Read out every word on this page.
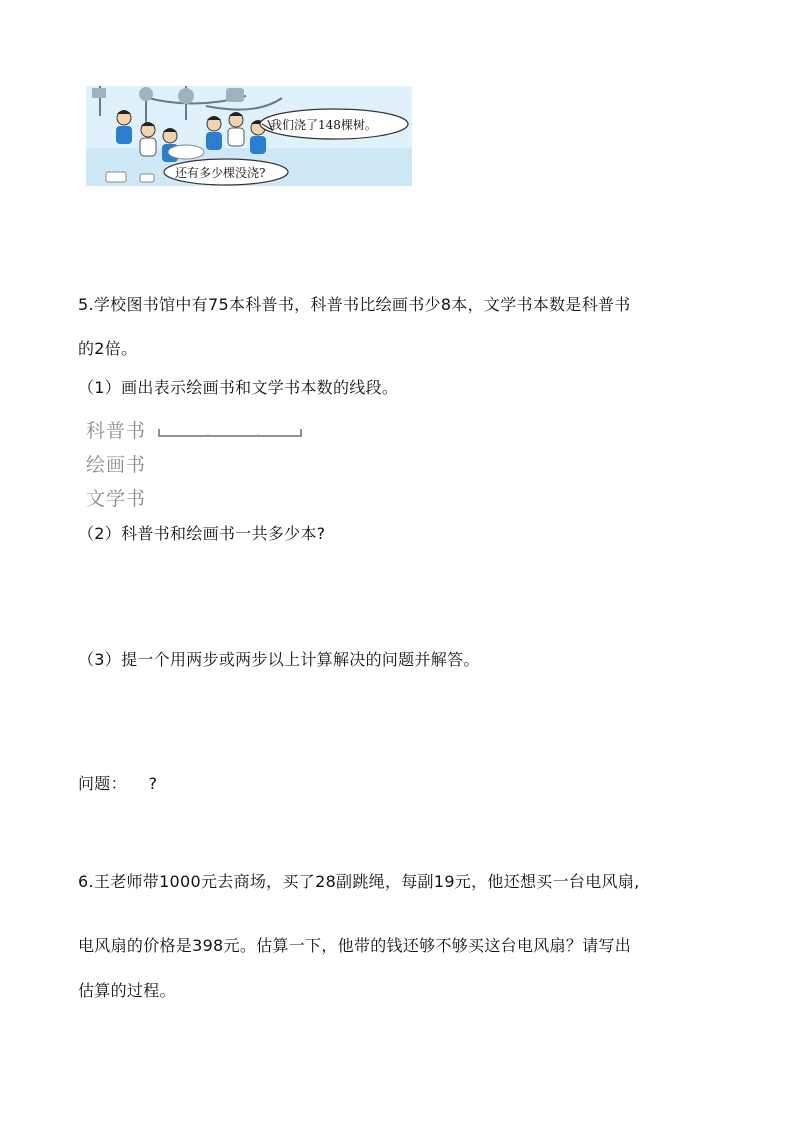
我们浇了148棵树。
还有多少棵没浇?
5.学校图书馆中有75本科普书，科普书比绘画书少8本，文学书本数是科普书
的2倍。
（1）画出表示绘画书和文学书本数的线段。
科普书
绘画书
文学书
（2）科普书和绘画书一共多少本?
（3）提一个用两步或两步以上计算解决的问题并解答。
问题：    ?
6.王老师带1000元去商场，买了28副跳绳，每副19元，他还想买一台电风扇,
电风扇的价格是398元。估算一下，他带的钱还够不够买这台电风扇？请写出
估算的过程。
